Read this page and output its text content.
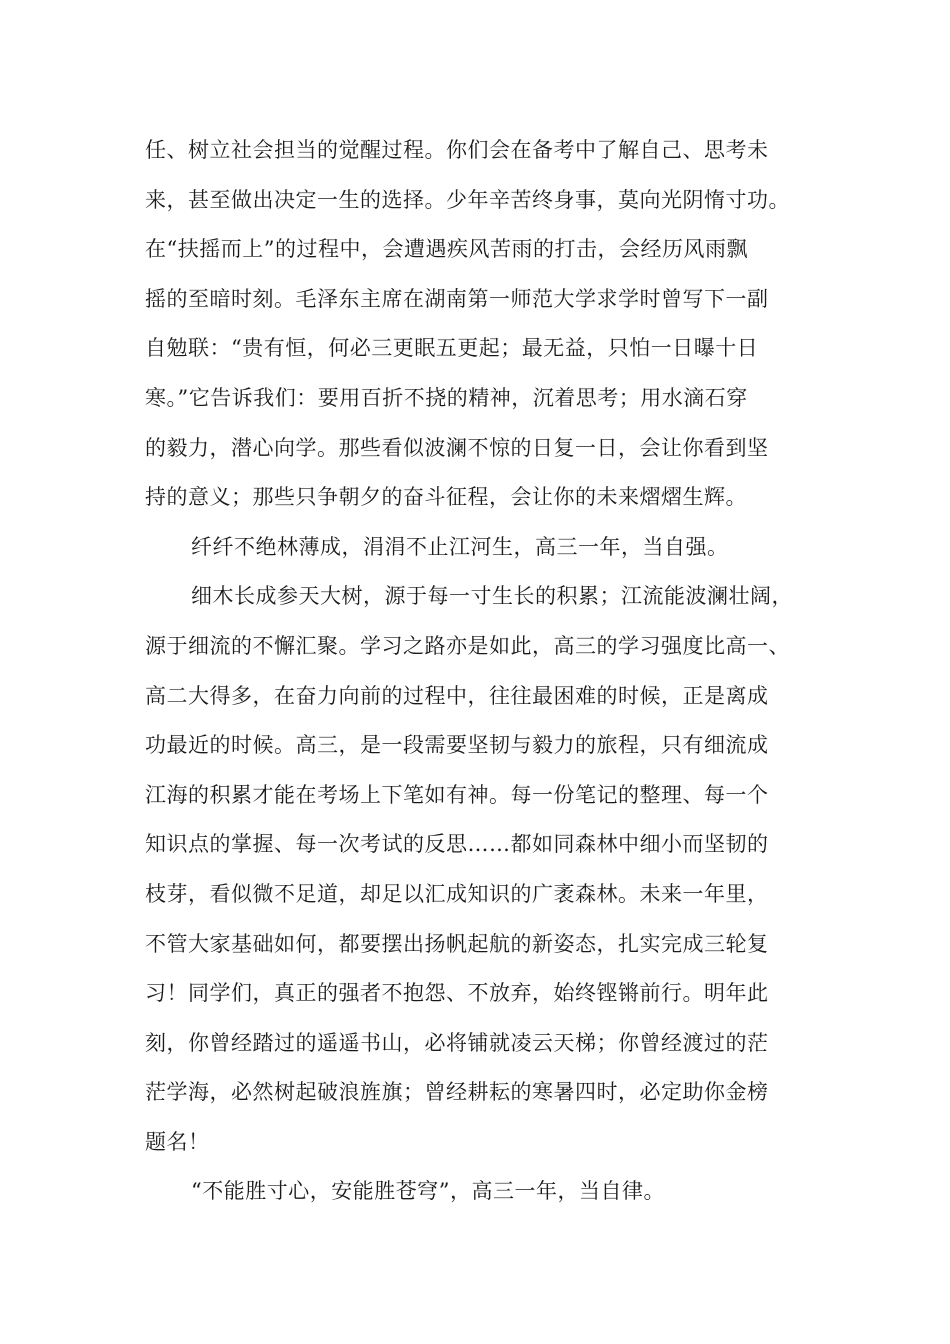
任、树立社会担当的觉醒过程。你们会在备考中了解自己、思考未
来，甚至做出决定一生的选择。少年辛苦终身事，莫向光阴惰寸功。
在“扶摇而上”的过程中，会遭遇疾风苦雨的打击，会经历风雨飘
摇的至暗时刻。毛泽东主席在湖南第一师范大学求学时曾写下一副
自勉联：“贵有恒，何必三更眠五更起；最无益，只怕一日曝十日
寒。”它告诉我们：要用百折不挠的精神，沉着思考；用水滴石穿
的毅力，潜心向学。那些看似波澜不惊的日复一日，会让你看到坚
持的意义；那些只争朝夕的奋斗征程，会让你的未来熠熠生辉。
纤纤不绝林薄成，涓涓不止江河生，高三一年，当自强。
细木长成参天大树，源于每一寸生长的积累；江流能波澜壮阔，
源于细流的不懈汇聚。学习之路亦是如此，高三的学习强度比高一、
高二大得多，在奋力向前的过程中，往往最困难的时候，正是离成
功最近的时候。高三，是一段需要坚韧与毅力的旅程，只有细流成
江海的积累才能在考场上下笔如有神。每一份笔记的整理、每一个
知识点的掌握、每一次考试的反思……都如同森林中细小而坚韧的
枝芽，看似微不足道，却足以汇成知识的广袤森林。未来一年里，
不管大家基础如何，都要摆出扬帆起航的新姿态，扎实完成三轮复
习！同学们，真正的强者不抱怨、不放弃，始终铿锵前行。明年此
刻，你曾经踏过的遥遥书山，必将铺就凌云天梯；你曾经渡过的茫
茫学海，必然树起破浪旌旗；曾经耕耘的寒暑四时，必定助你金榜
题名！
“不能胜寸心，安能胜苍穹”，高三一年，当自律。
